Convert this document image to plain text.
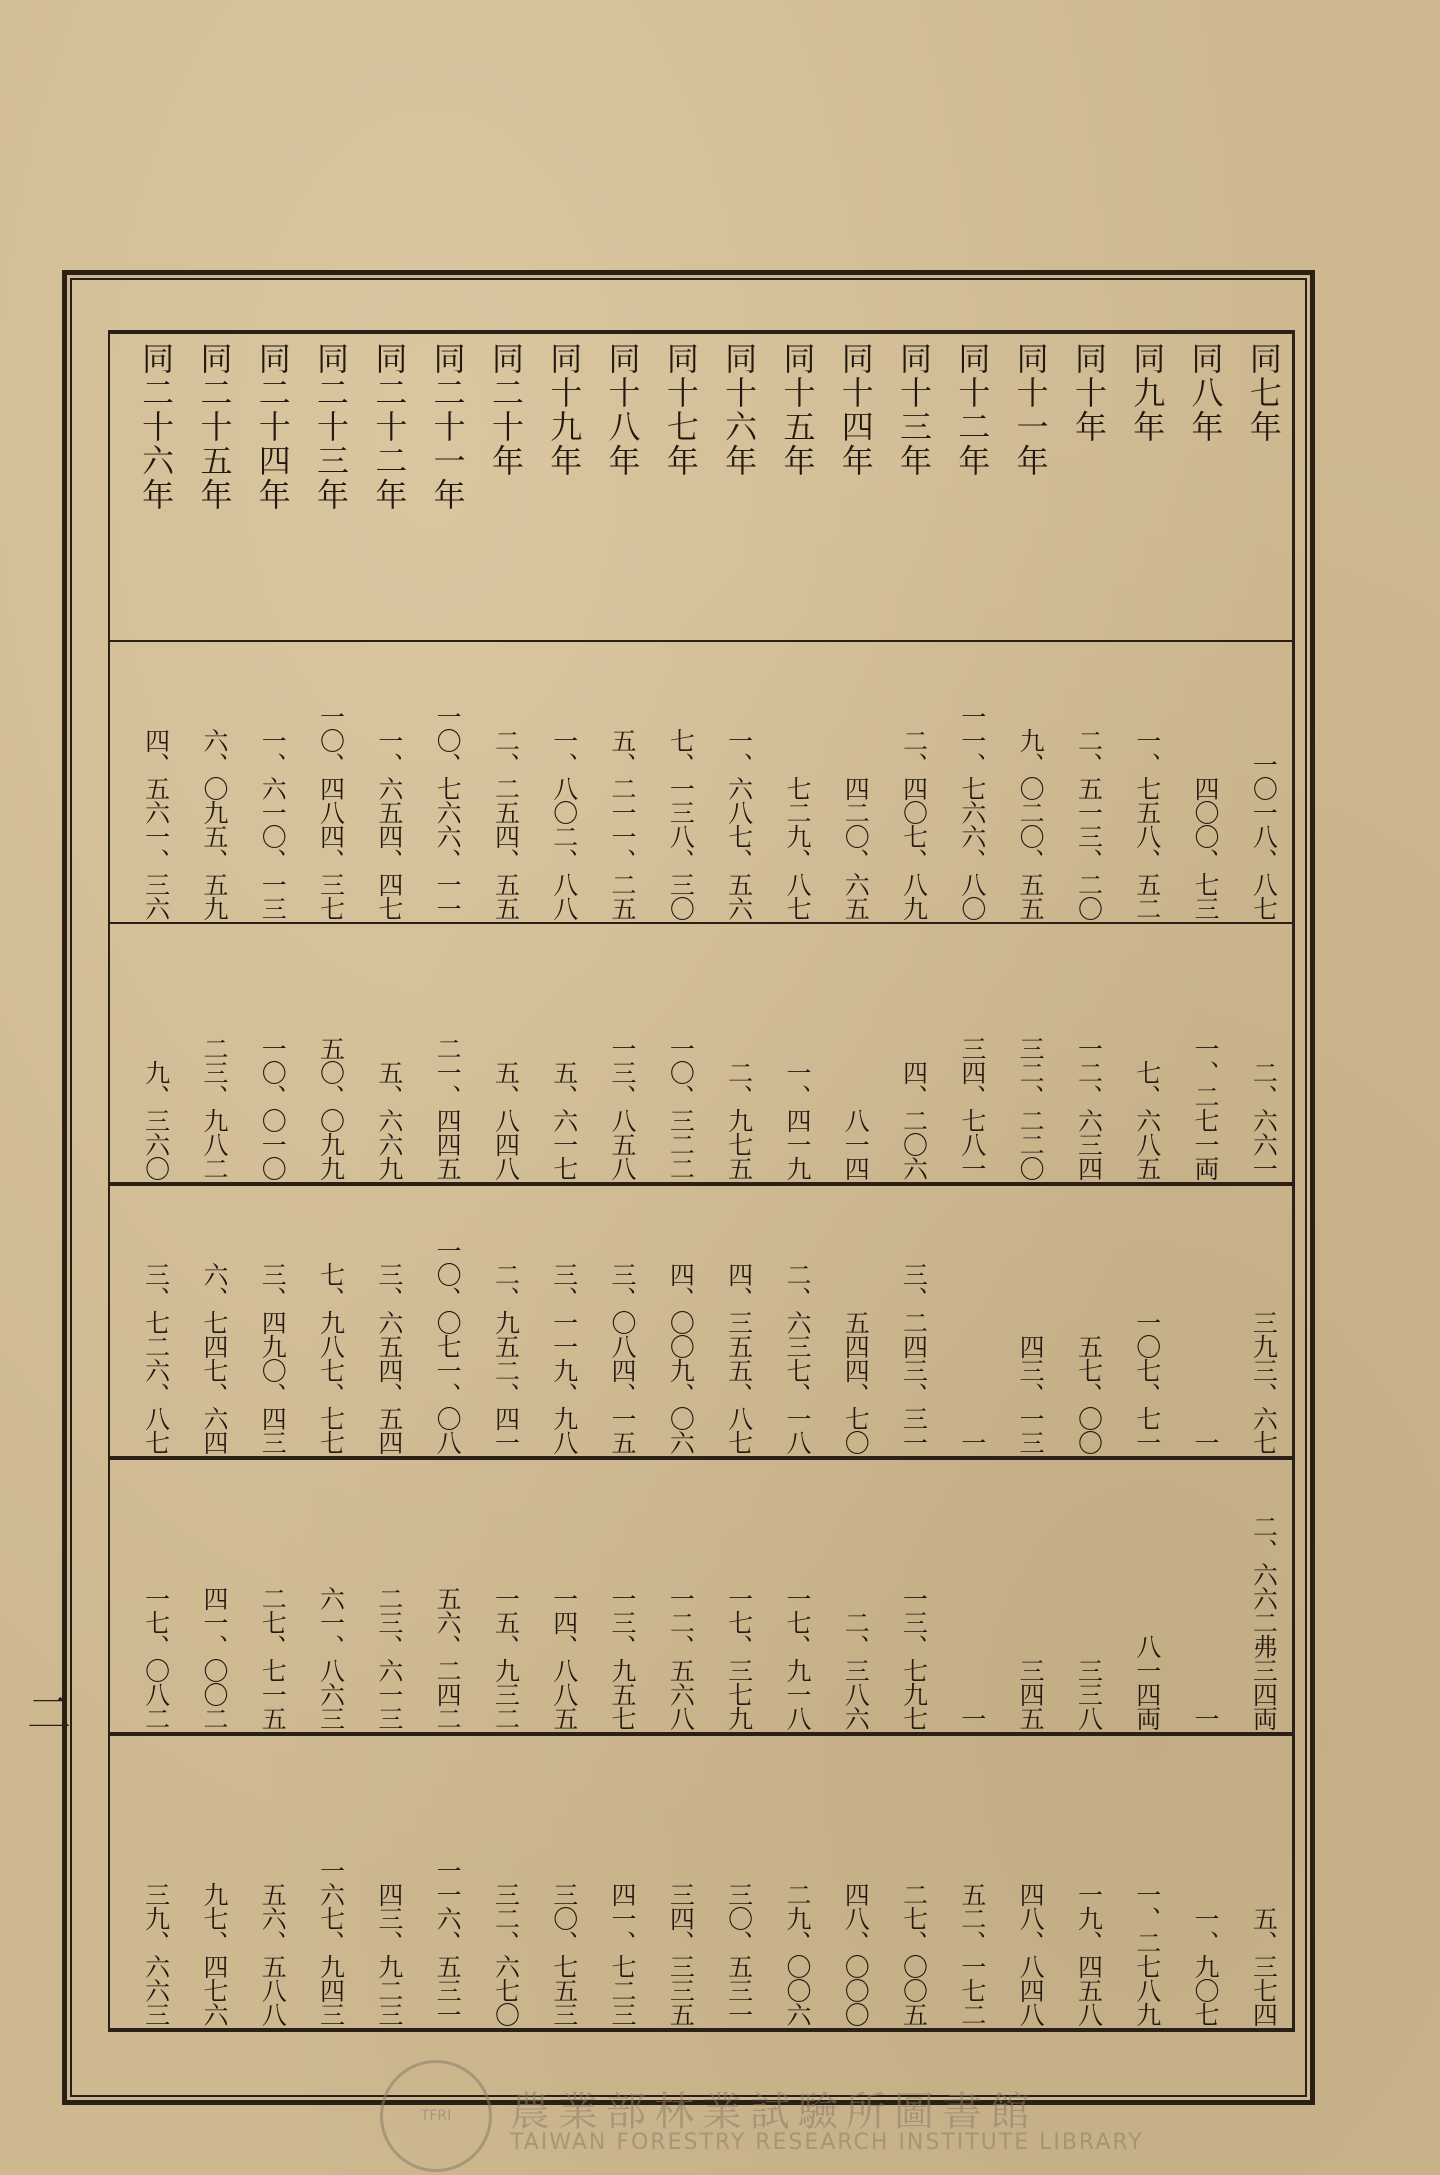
同七年
一〇一八、八七
二、六六一
三九三、六七
二、六六二弗三四両
五、三七四
同八年
四〇〇、七三
一、二七一両
一
一
一、九〇七
同九年
一、七五八、五二
七、六八五
一〇七、七一
八一四両
一、二七八九
同十年
二、五一三、二〇
一二、六三四
五七、〇〇
三三八
一九、四五八
同十一年
九、〇二〇、五五
三二、二二〇
四三、一三
三四五
四八、八四八
同十二年
一一、七六六、八〇
三四、七八一
一
一
五二、一七二
同十三年
二、四〇七、八九
四、二〇六
三、二四三、三一
一三、七九七
二七、〇〇五
同十四年
四二〇、六五
八一四
五四四、七〇
二、三八六
四八、〇〇〇
同十五年
七二九、八七
一、四一九
二、六三七、一八
一七、九一八
二九、〇〇六
同十六年
一、六八七、五六
二、九七五
四、三五五、八七
一七、三七九
三〇、五三一
同十七年
七、一三八、三〇
一〇、三二二
四、〇〇九、〇六
一二、五六八
三四、三三五
同十八年
五、二一一、二五
一三、八五八
三、〇八四、一五
一三、九五七
四一、七二三
同十九年
一、八〇二、八八
五、六一七
三、一一九、九八
一四、八八五
三〇、七五三
同二十年
二、二五四、五五
五、八四八
二、九五二、四一
一五、九三二
三二、六七〇
同二十一年
一〇、七六六、一一
二一、四四五
一〇、〇七一、〇八
五六、二四二
一一六、五三一
同二十二年
一、六五四、四七
五、六六九
三、六五四、五四
二三、六一三
四三、九二三
同二十三年
一〇、四八四、三七
五〇、〇九九
七、九八七、七七
六一、八六三
一六七、九四三
同二十四年
一、六一〇、一三
一〇、〇一〇
三、四九〇、四三
二七、七一五
五六、五八八
同二十五年
六、〇九五、五九
二三、九八二
六、七四七、六四
四一、〇〇二
九七、四七六
同二十六年
四、五六一、三六
九、三六〇
三、七二六、八七
一七、〇八二
三九、六六三
二
TFRI	農業部林業試驗所圖書館
TAIWAN FORESTRY RESEARCH INSTITUTE LIBRARY
